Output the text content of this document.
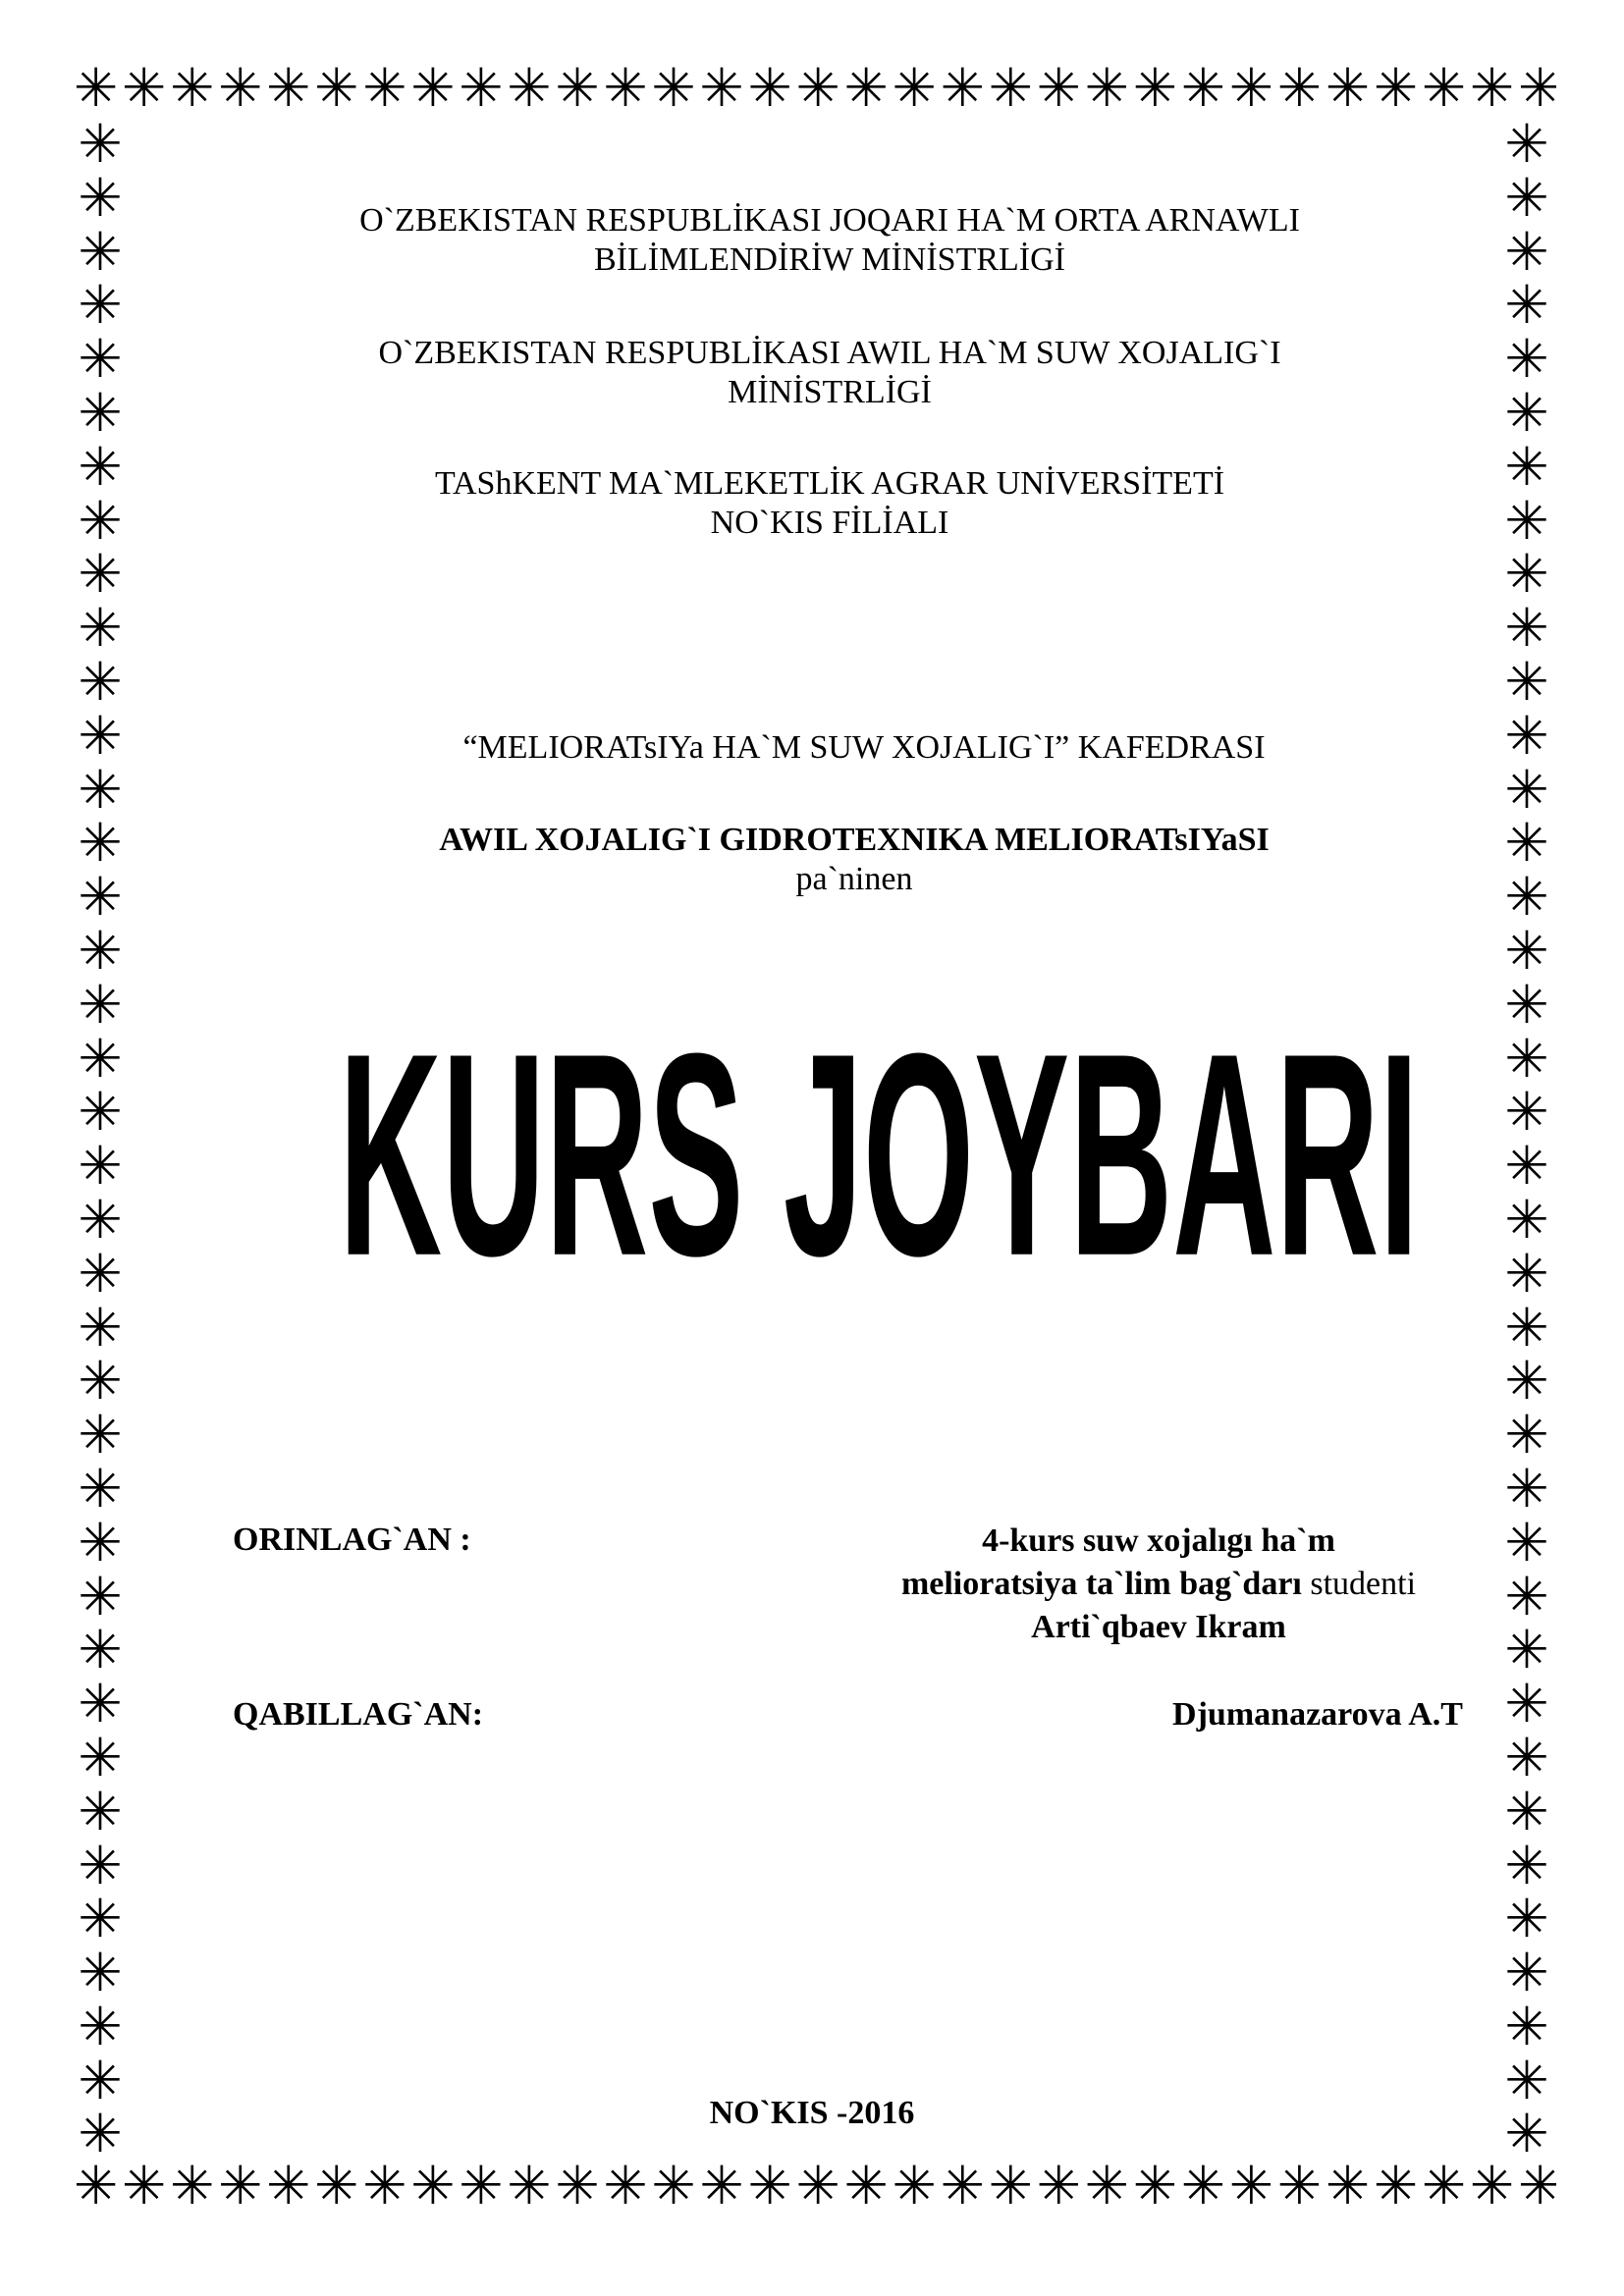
✳ ✳ ✳ ✳ ✳ ✳ ✳ ✳ ✳ ✳ ✳ ✳ ✳ ✳ ✳ ✳ ✳ ✳ ✳ ✳ ✳ ✳ ✳ ✳ ✳ ✳ ✳ ✳ ✳ ✳ ✳
✳ ✳ ✳ ✳ ✳ ✳ ✳ ✳ ✳ ✳ ✳ ✳ ✳ ✳ ✳ ✳ ✳ ✳ ✳ ✳ ✳ ✳ ✳ ✳ ✳ ✳ ✳ ✳ ✳ ✳ ✳
✳
✳
✳
✳
✳
✳
✳
✳
✳
✳
✳
✳
✳
✳
✳
✳
✳
✳
✳
✳
✳
✳
✳
✳
✳
✳
✳
✳
✳
✳
✳
✳
✳
✳
✳
✳
✳
✳
✳
✳
✳
✳
✳
✳
✳
✳
✳
✳
✳
✳
✳
✳
✳
✳
✳
✳
✳
✳
✳
✳
✳
✳
✳
✳
✳
✳
✳
✳
✳
✳
✳
✳
✳
✳
✳
✳
O`ZBEKISTAN RESPUBLİKASI JOQARI HA`M ORTA ARNAWLI
BİLİMLENDİRİW MİNİSTRLİGİ
O`ZBEKISTAN RESPUBLİKASI AWIL HA`M SUW XOJALIG`I
MİNİSTRLİGİ
TAShKENT MA`MLEKETLİK AGRAR UNİVERSİTETİ
NO`KIS FİLİALI
“MELIORATsIYa HA`M SUW XOJALIG`I” KAFEDRASI
AWIL XOJALIG`I GIDROTEXNIKA MELIORATsIYaSI
pa`ninen
KURS JOYBARI
ORINLAG`AN :	4-kurs suw xojalıgı ha`m
melioratsiya ta`lim bag`darı studenti
Arti`qbaev Ikram
QABILLAG`AN:	Djumanazarova A.T
NO`KIS -2016
